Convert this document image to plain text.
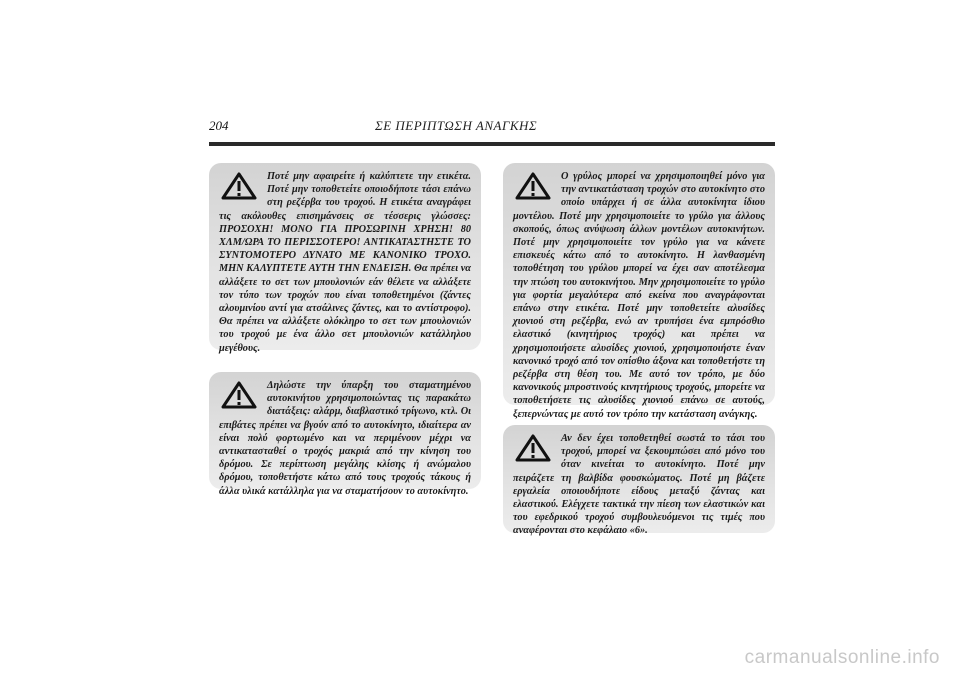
204	ΣΕ ΠΕΡΙΠΤΩΣΗ ΑΝΑΓΚΗΣ

Ποτέ μην αφαιρείτε ή καλύπτετε την ετικέτα. Ποτέ μην τοποθετείτε οποιοδήποτε τάσι επάνω στη ρεζέρβα του τροχού. Η ετικέτα αναγράφει τις ακόλουθες επισημάνσεις σε τέσσερις γλώσσες: ΠΡΟΣΟΧΗ! ΜΟΝΟ ΓΙΑ ΠΡΟΣΩΡΙΝΗ ΧΡΗΣΗ! 80 ΧΛΜ/ΩΡΑ ΤΟ ΠΕΡΙΣΣΟΤΕΡΟ! ΑΝΤΙΚΑΤΑΣΤΗΣΤΕ ΤΟ ΣΥΝΤΟΜΟΤΕΡΟ ΔΥΝΑΤΟ ΜΕ ΚΑΝΟΝΙΚΟ ΤΡΟΧΟ. ΜΗΝ ΚΑΛΥΠΤΕΤΕ ΑΥΤΗ ΤΗΝ ΕΝΔΕΙΞΗ. Θα πρέπει να αλλάξετε το σετ των μπουλονιών εάν θέλετε να αλλάξετε τον τύπο των τροχών που είναι τοποθετημένοι (ζάντες αλουμινίου αντί για ατσάλινες ζάντες, και το αντίστροφο). Θα πρέπει να αλλάξετε ολόκληρο το σετ των μπουλονιών του τροχού με ένα άλλο σετ μπουλονιών κατάλληλου μεγέθους.

Δηλώστε την ύπαρξη του σταματημένου αυτοκινήτου χρησιμοποιώντας τις παρακάτω διατάξεις: αλάρμ, διαβλαστικό τρίγωνο, κτλ. Οι επιβάτες πρέπει να βγούν από το αυτοκίνητο, ιδιαίτερα αν είναι πολύ φορτωμένο και να περιμένουν μέχρι να αντικατασταθεί ο τροχός μακριά από την κίνηση του δρόμου. Σε περίπτωση μεγάλης κλίσης ή ανώμαλου δρόμου, τοποθετήστε κάτω από τους τροχούς τάκους ή άλλα υλικά κατάλληλα για να σταματήσουν το αυτοκίνητο.

Ο γρύλος μπορεί να χρησιμοποιηθεί μόνο για την αντικατάσταση τροχών στο αυτοκίνητο στο οποίο υπάρχει ή σε άλλα αυτοκίνητα ίδιου μοντέλου. Ποτέ μην χρησιμοποιείτε το γρύλο για άλλους σκοπούς, όπως ανύψωση άλλων μοντέλων αυτοκινήτων. Ποτέ μην χρησιμοποιείτε τον γρύλο για να κάνετε επισκευές κάτω από το αυτοκίνητο. Η λανθασμένη τοποθέτηση του γρύλου μπορεί να έχει σαν αποτέλεσμα την πτώση του αυτοκινήτου. Μην χρησιμοποιείτε το γρύλο για φορτία μεγαλύτερα από εκείνα που αναγράφονται επάνω στην ετικέτα. Ποτέ μην τοποθετείτε αλυσίδες χιονιού στη ρεζέρβα, ενώ αν τρυπήσει ένα εμπρόσθιο ελαστικό (κινητήριος τροχός) και πρέπει να χρησιμοποιήσετε αλυσίδες χιονιού, χρησιμοποιήστε έναν κανονικό τροχό από τον οπίσθιο άξονα και τοποθετήστε τη ρεζέρβα στη θέση του. Με αυτό τον τρόπο, με δύο κανονικούς μπροστινούς κινητήριους τροχούς, μπορείτε να τοποθετήσετε τις αλυσίδες χιονιού επάνω σε αυτούς, ξεπερνώντας με αυτό τον τρόπο την κατάσταση ανάγκης.

Αν δεν έχει τοποθετηθεί σωστά το τάσι του τροχού, μπορεί να ξεκουμπώσει από μόνο του όταν κινείται το αυτοκίνητο. Ποτέ μην πειράζετε τη βαλβίδα φουσκώματος. Ποτέ μη βάζετε εργαλεία οποιουδήποτε είδους μεταξύ ζάντας και ελαστικού. Ελέγχετε τακτικά την πίεση των ελαστικών και του εφεδρικού τροχού συμβουλευόμενοι τις τιμές που αναφέρονται στο κεφάλαιο «6».

carmanualsonline.info
